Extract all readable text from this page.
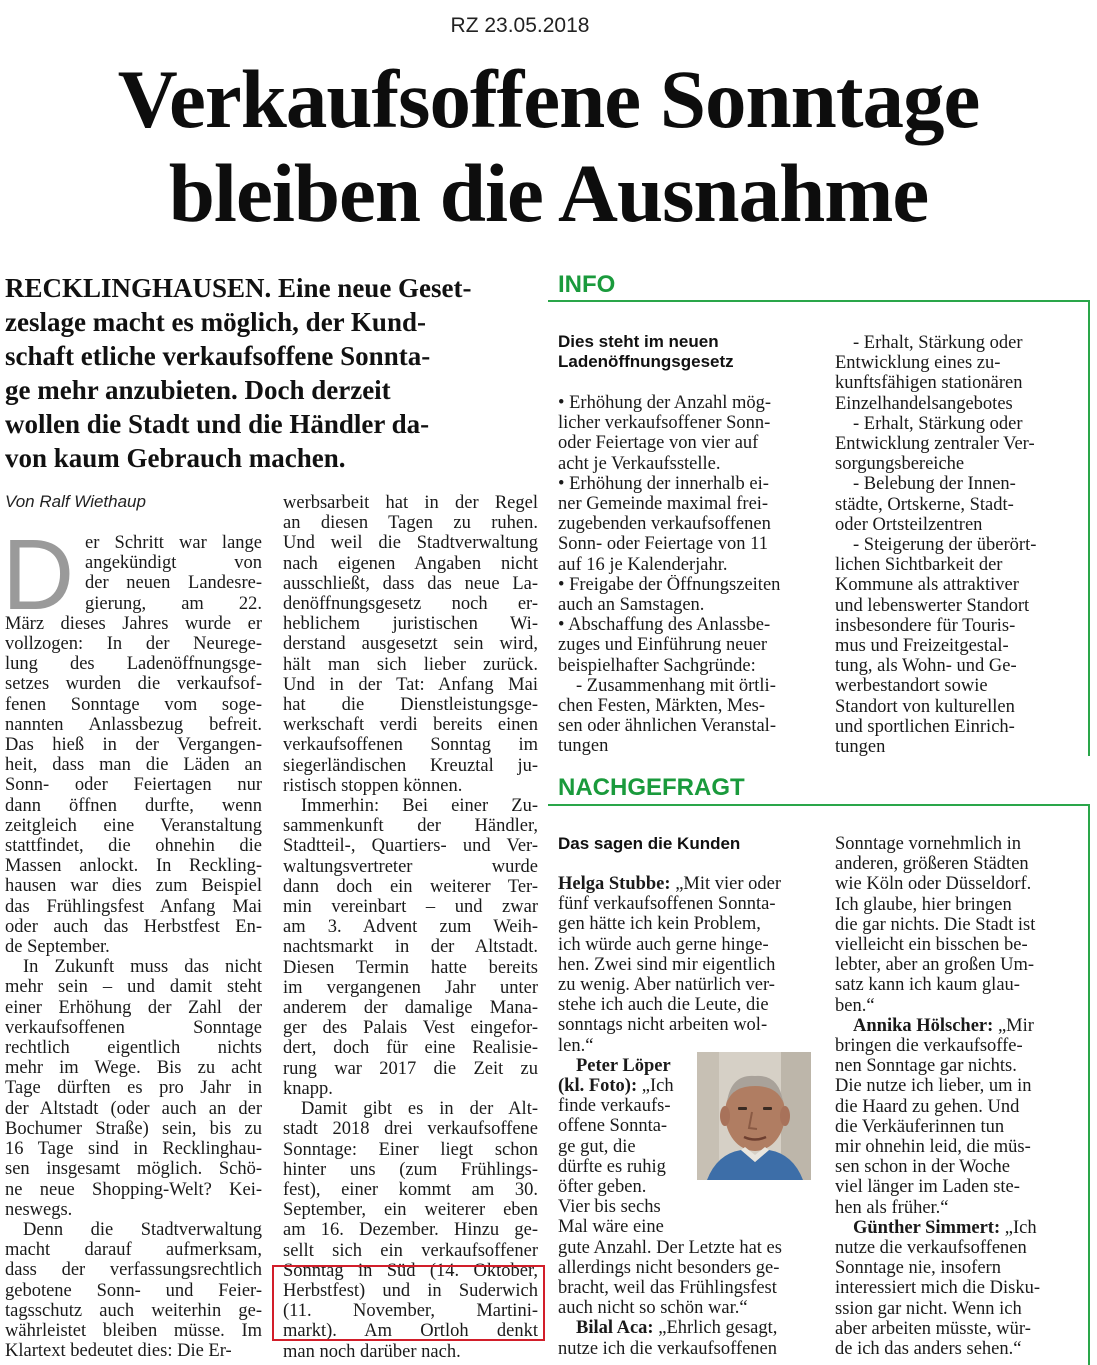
RZ 23.05.2018
Verkaufsoffene Sonntage
bleiben die Ausnahme
RECKLINGHAUSEN. Eine neue Geset-
zeslage macht es möglich, der Kund-
schaft etliche verkaufsoffene Sonnta-
ge mehr anzubieten. Doch derzeit
wollen die Stadt und die Händler da-
von kaum Gebrauch machen.
Von Ralf Wiethaup
D er Schritt war lange
angekündigt von
der neuen Landesre-
gierung, am 22.
März dieses Jahres wurde er
vollzogen: In der Neurege-
lung des Ladenöffnungsge-
setzes wurden die verkaufsof-
fenen Sonntage vom soge-
nannten Anlassbezug befreit.
Das hieß in der Vergangen-
heit, dass man die Läden an
Sonn- oder Feiertagen nur
dann öffnen durfte, wenn
zeitgleich eine Veranstaltung
stattfindet, die ohnehin die
Massen anlockt. In Reckling-
hausen war dies zum Beispiel
das Frühlingsfest Anfang Mai
oder auch das Herbstfest En-
de September.
In Zukunft muss das nicht
mehr sein – und damit steht
einer Erhöhung der Zahl der
verkaufsoffenen Sonntage
rechtlich eigentlich nichts
mehr im Wege. Bis zu acht
Tage dürften es pro Jahr in
der Altstadt (oder auch an der
Bochumer Straße) sein, bis zu
16 Tage sind in Recklinghau-
sen insgesamt möglich. Schö-
ne neue Shopping-Welt? Kei-
neswegs.
Denn die Stadtverwaltung
macht darauf aufmerksam,
dass der verfassungsrechtlich
gebotene Sonn- und Feier-
tagsschutz auch weiterhin ge-
währleistet bleiben müsse. Im
Klartext bedeutet dies: Die Er-
werbsarbeit hat in der Regel
an diesen Tagen zu ruhen.
Und weil die Stadtverwaltung
nach eigenen Angaben nicht
ausschließt, dass das neue La-
denöffnungsgesetz noch er-
heblichem juristischen Wi-
derstand ausgesetzt sein wird,
hält man sich lieber zurück.
Und in der Tat: Anfang Mai
hat die Dienstleistungsge-
werkschaft verdi bereits einen
verkaufsoffenen Sonntag im
siegerländischen Kreuztal ju-
ristisch stoppen können.
Immerhin: Bei einer Zu-
sammenkunft der Händler,
Stadtteil-, Quartiers- und Ver-
waltungsvertreter wurde
dann doch ein weiterer Ter-
min vereinbart – und zwar
am 3. Advent zum Weih-
nachtsmarkt in der Altstadt.
Diesen Termin hatte bereits
im vergangenen Jahr unter
anderem der damalige Mana-
ger des Palais Vest eingefor-
dert, doch für eine Realisie-
rung war 2017 die Zeit zu
knapp.
Damit gibt es in der Alt-
stadt 2018 drei verkaufsoffene
Sonntage: Einer liegt schon
hinter uns (zum Frühlings-
fest), einer kommt am 30.
September, ein weiterer eben
am 16. Dezember. Hinzu ge-
sellt sich ein verkaufsoffener
Sonntag in Süd (14. Oktober,
Herbstfest) und in Suderwich
(11. November, Martini-
markt). Am Ortloh denkt
man noch darüber nach.
INFO
Dies steht im neuen
Ladenöffnungsgesetz
• Erhöhung der Anzahl mög-
licher verkaufsoffener Sonn-
oder Feiertage von vier auf
acht je Verkaufsstelle.
• Erhöhung der innerhalb ei-
ner Gemeinde maximal frei-
zugebenden verkaufsoffenen
Sonn- oder Feiertage von 11
auf 16 je Kalenderjahr.
• Freigabe der Öffnungszeiten
auch an Samstagen.
• Abschaffung des Anlassbe-
zuges und Einführung neuer
beispielhafter Sachgründe:
- Zusammenhang mit örtli-
chen Festen, Märkten, Mes-
sen oder ähnlichen Veranstal-
tungen
- Erhalt, Stärkung oder
Entwicklung eines zu-
kunftsfähigen stationären
Einzelhandelsangebotes
- Erhalt, Stärkung oder
Entwicklung zentraler Ver-
sorgungsbereiche
- Belebung der Innen-
städte, Ortskerne, Stadt-
oder Ortsteilzentren
- Steigerung der überört-
lichen Sichtbarkeit der
Kommune als attraktiver
und lebenswerter Standort
insbesondere für Touris-
mus und Freizeitgestal-
tung, als Wohn- und Ge-
werbestandort sowie
Standort von kulturellen
und sportlichen Einrich-
tungen
NACHGEFRAGT
Das sagen die Kunden
Helga Stubbe: „Mit vier oder
fünf verkaufsoffenen Sonnta-
gen hätte ich kein Problem,
ich würde auch gerne hinge-
hen. Zwei sind mir eigentlich
zu wenig. Aber natürlich ver-
stehe ich auch die Leute, die
sonntags nicht arbeiten wol-
len.“
Peter Löper
(kl. Foto): „Ich
finde verkaufs-
offene Sonnta-
ge gut, die
dürfte es ruhig
öfter geben.
Vier bis sechs
Mal wäre eine
gute Anzahl. Der Letzte hat es
allerdings nicht besonders ge-
bracht, weil das Frühlingsfest
auch nicht so schön war.“
Bilal Aca: „Ehrlich gesagt,
nutze ich die verkaufsoffenen
Sonntage vornehmlich in
anderen, größeren Städten
wie Köln oder Düsseldorf.
Ich glaube, hier bringen
die gar nichts. Die Stadt ist
vielleicht ein bisschen be-
lebter, aber an großen Um-
satz kann ich kaum glau-
ben.“
Annika Hölscher: „Mir
bringen die verkaufsoffe-
nen Sonntage gar nichts.
Die nutze ich lieber, um in
die Haard zu gehen. Und
die Verkäuferinnen tun
mir ohnehin leid, die müs-
sen schon in der Woche
viel länger im Laden ste-
hen als früher.“
Günther Simmert: „Ich
nutze die verkaufsoffenen
Sonntage nie, insofern
interessiert mich die Disku-
ssion gar nicht. Wenn ich
aber arbeiten müsste, wür-
de ich das anders sehen.“
